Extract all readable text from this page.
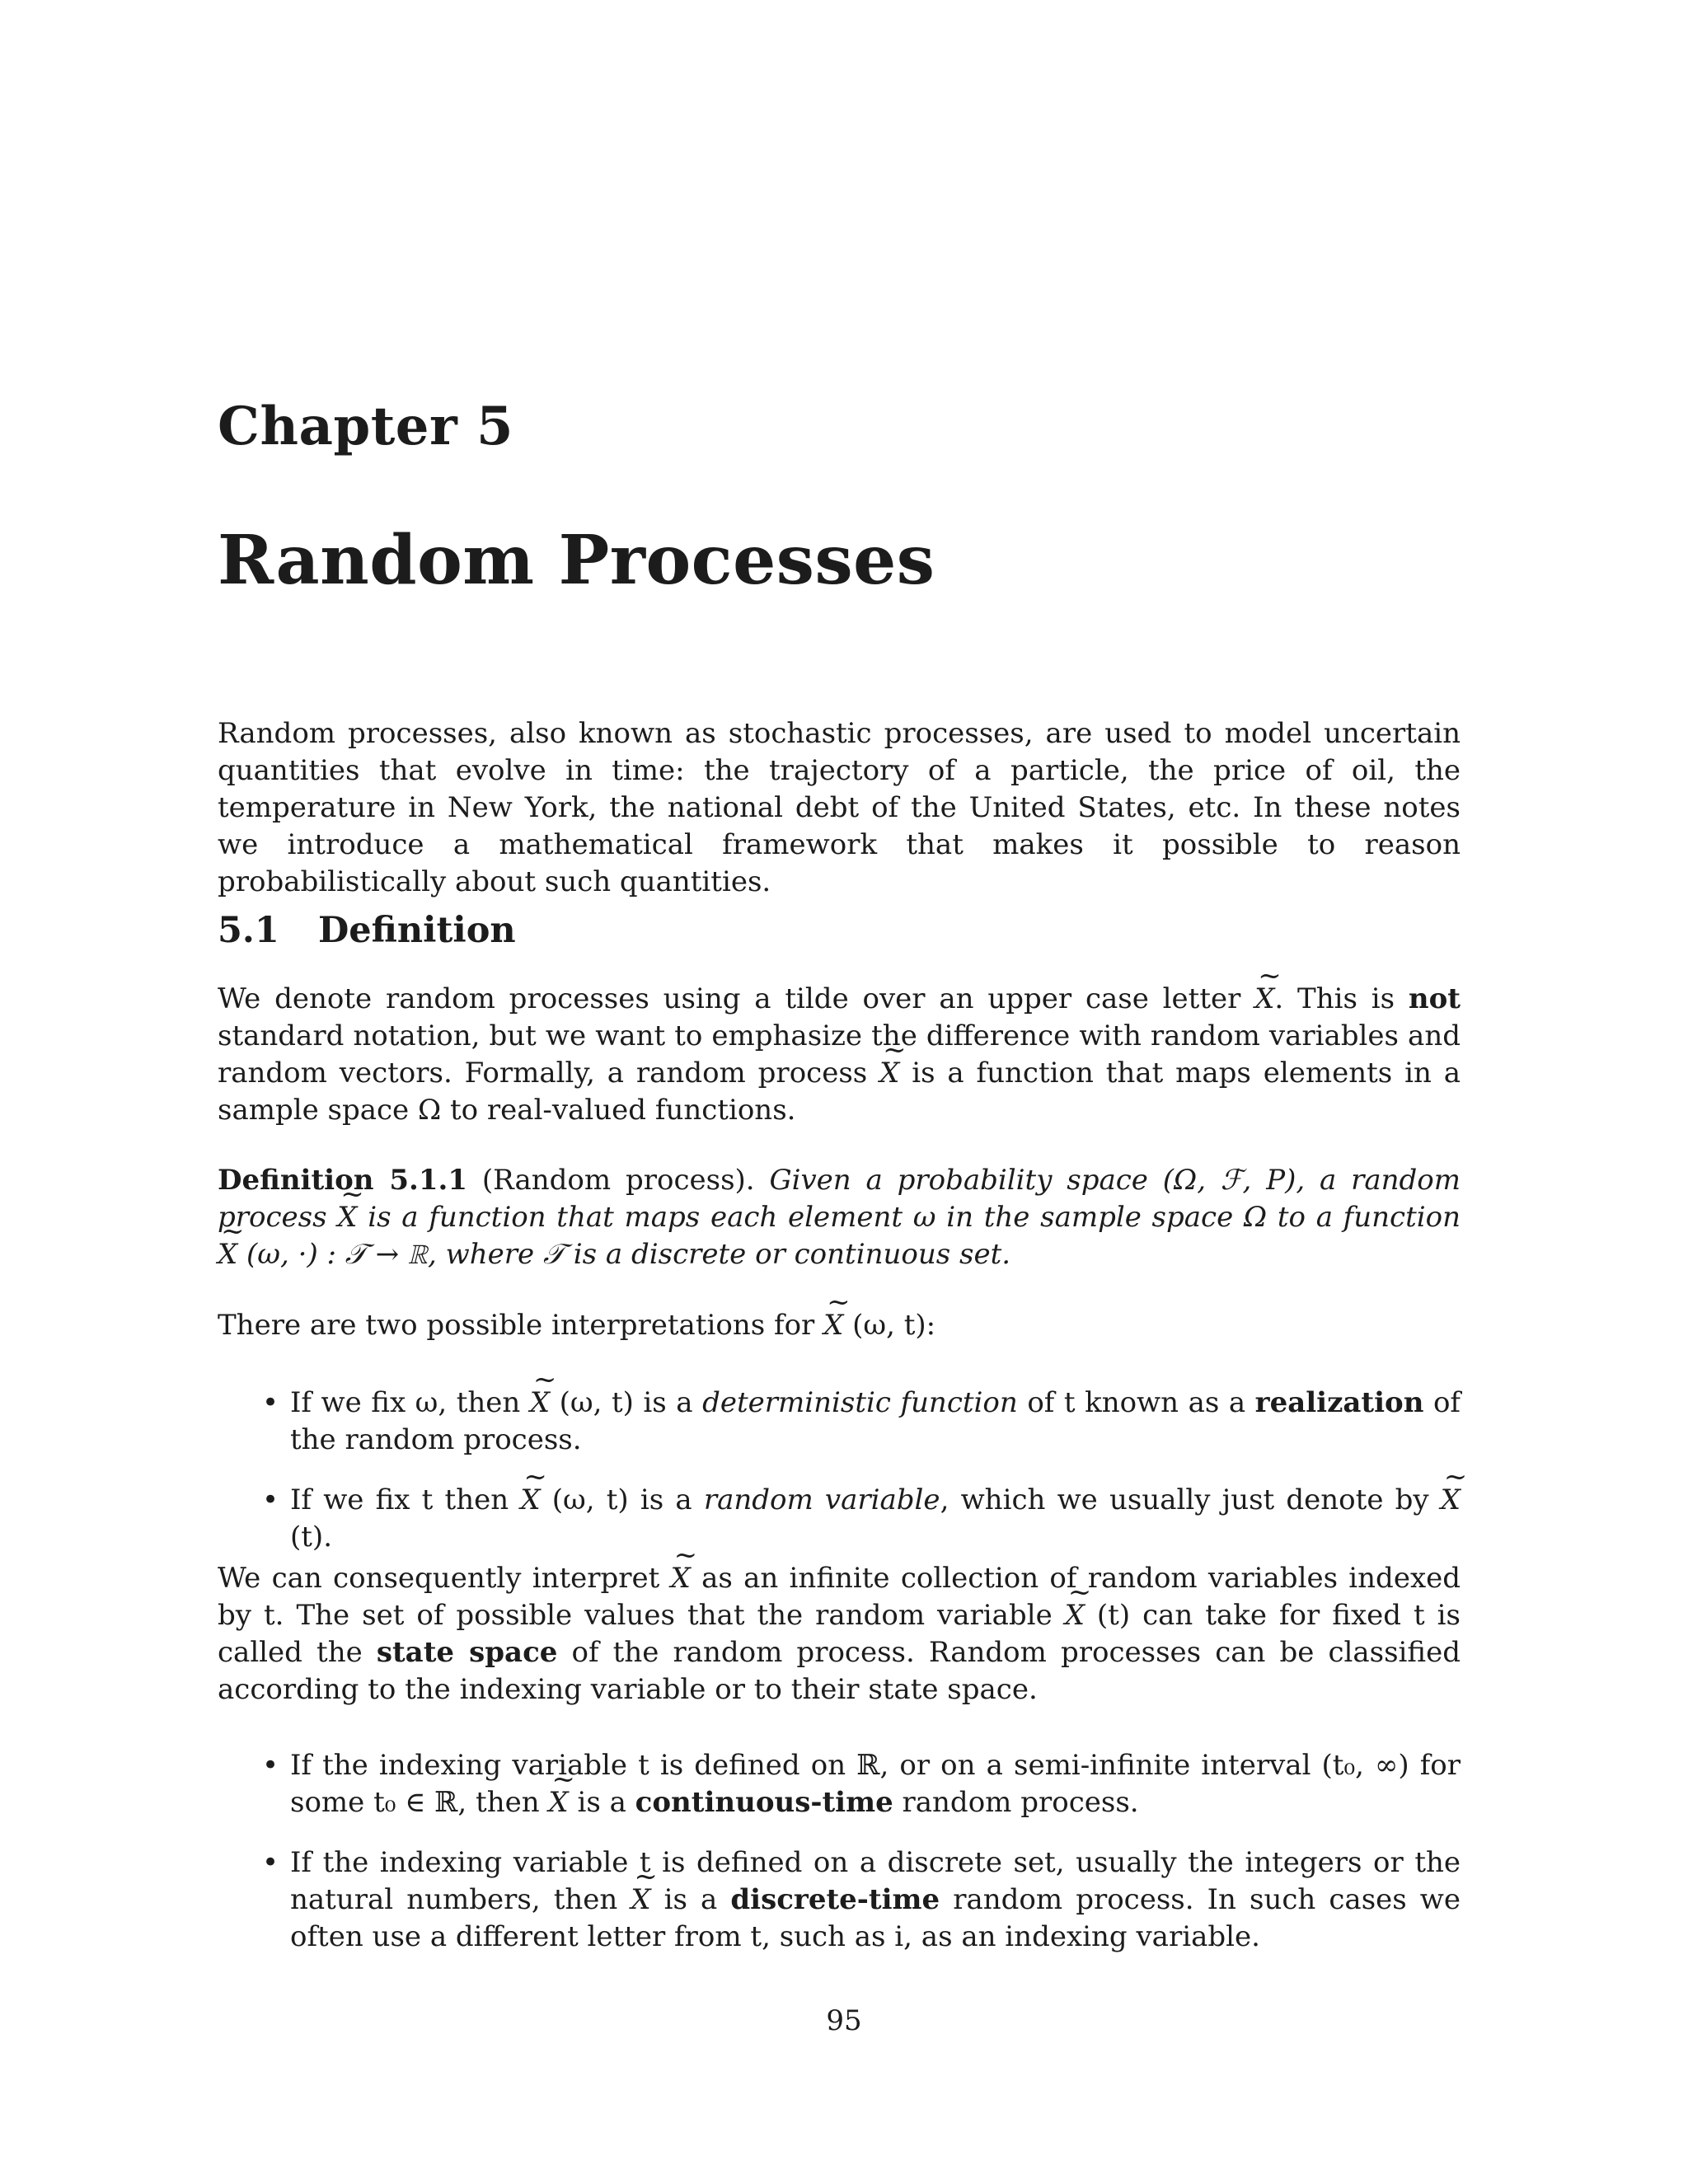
Chapter 5
Random Processes
Random processes, also known as stochastic processes, are used to model uncertain quantities that evolve in time: the trajectory of a particle, the price of oil, the temperature in New York, the national debt of the United States, etc. In these notes we introduce a mathematical framework that makes it possible to reason probabilistically about such quantities.
5.1 Definition
We denote random processes using a tilde over an upper case letter ~ X. This is not standard notation, but we want to emphasize the difference with random variables and random vectors. Formally, a random process ~ X is a function that maps elements in a sample space Ω to real-valued functions.
Definition 5.1.1 (Random process). Given a probability space (Ω, ℱ, P), a random process ~ X is a function that maps each element ω in the sample space Ω to a function ~ X (ω, ·) : 𝒯 → ℝ, where 𝒯 is a discrete or continuous set.
There are two possible interpretations for ~ X (ω, t):
• If we fix ω, then ~ X (ω, t) is a deterministic function of t known as a realization of the random process.
• If we fix t then ~ X (ω, t) is a random variable, which we usually just denote by ~ X (t).
We can consequently interpret ~ X as an infinite collection of random variables indexed by t. The set of possible values that the random variable ~ X (t) can take for fixed t is called the state space of the random process. Random processes can be classified according to the indexing variable or to their state space.
• If the indexing variable t is defined on ℝ, or on a semi-infinite interval (t₀, ∞) for some t₀ ∈ ℝ, then ~ X is a continuous-time random process.
• If the indexing variable t is defined on a discrete set, usually the integers or the natural numbers, then ~ X is a discrete-time random process. In such cases we often use a different letter from t, such as i, as an indexing variable.
95
